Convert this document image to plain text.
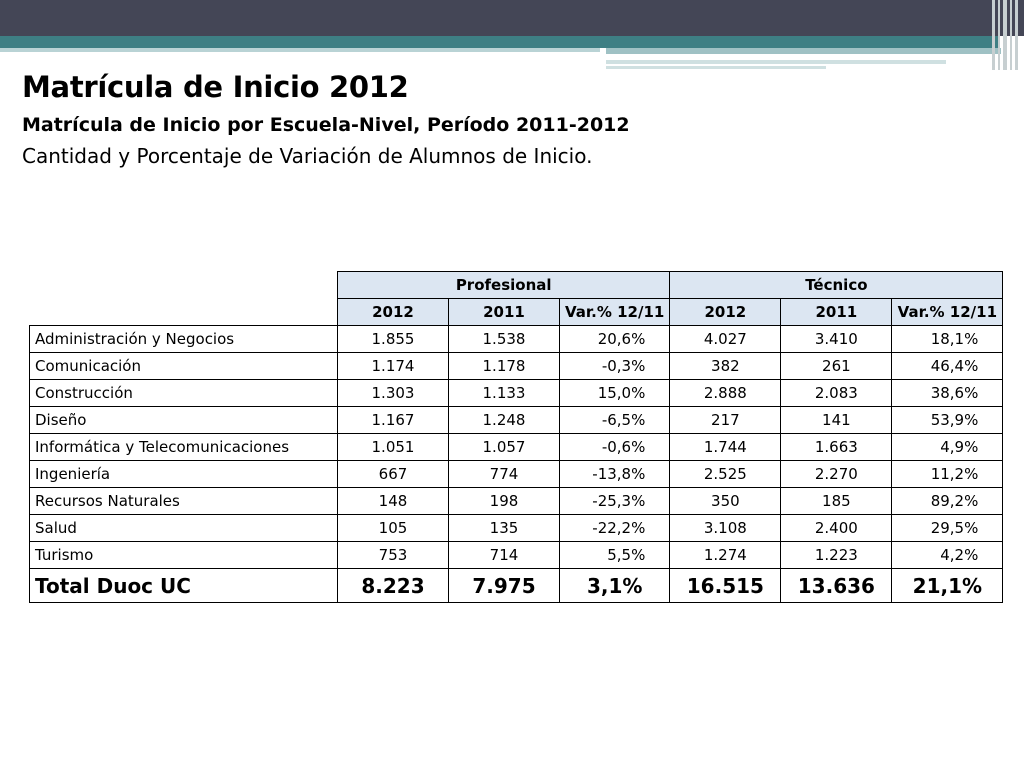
Matrícula de Inicio 2012
Matrícula de Inicio por Escuela-Nivel, Período 2011-2012
Cantidad y Porcentaje de Variación de Alumnos de Inicio.
	Profesional			Técnico		
	2012	2011	Var.% 12/11	2012	2011	Var.% 12/11
Administración y Negocios	1.855	1.538	20,6%	4.027	3.410	18,1%
Comunicación	1.174	1.178	-0,3%	382	261	46,4%
Construcción	1.303	1.133	15,0%	2.888	2.083	38,6%
Diseño	1.167	1.248	-6,5%	217	141	53,9%
Informática y Telecomunicaciones	1.051	1.057	-0,6%	1.744	1.663	4,9%
Ingeniería	667	774	-13,8%	2.525	2.270	11,2%
Recursos Naturales	148	198	-25,3%	350	185	89,2%
Salud	105	135	-22,2%	3.108	2.400	29,5%
Turismo	753	714	5,5%	1.274	1.223	4,2%
Total Duoc UC	8.223	7.975	3,1%	16.515	13.636	21,1%
